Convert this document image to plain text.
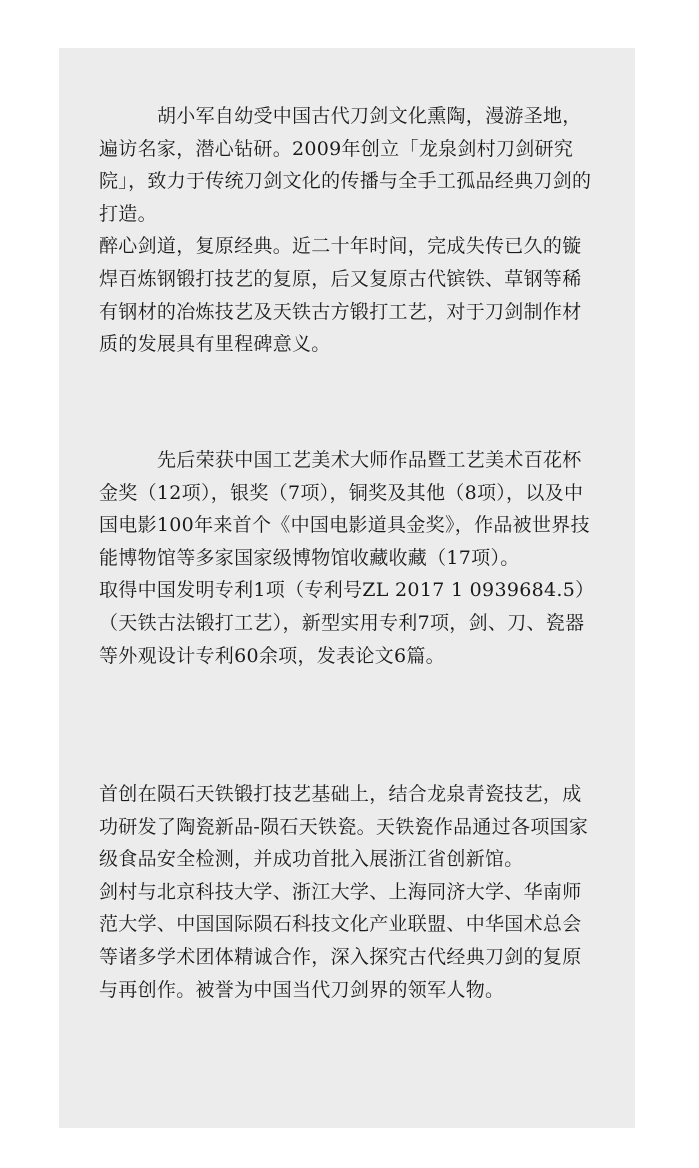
胡小军自幼受中国古代刀剑文化熏陶，漫游圣地，遍访名家，潜心钻研。2009年创立「龙泉剑村刀剑研究院」，致力于传统刀剑文化的传播与全手工孤品经典刀剑的打造。

醉心剑道，复原经典。近二十年时间，完成失传已久的镟焊百炼钢锻打技艺的复原，后又复原古代镔铁、草钢等稀有钢材的冶炼技艺及天铁古方锻打工艺，对于刀剑制作材质的发展具有里程碑意义。

先后荣获中国工艺美术大师作品暨工艺美术百花杯金奖（12项），银奖（7项），铜奖及其他（8项），以及中国电影100年来首个《中国电影道具金奖》，作品被世界技能博物馆等多家国家级博物馆收藏收藏（17项）。

取得中国发明专利1项（专利号ZL 2017 1 0939684.5）（天铁古法锻打工艺），新型实用专利7项，剑、刀、瓷器等外观设计专利60余项，发表论文6篇。

首创在陨石天铁锻打技艺基础上，结合龙泉青瓷技艺，成功研发了陶瓷新品-陨石天铁瓷。天铁瓷作品通过各项国家级食品安全检测，并成功首批入展浙江省创新馆。

剑村与北京科技大学、浙江大学、上海同济大学、华南师范大学、中国国际陨石科技文化产业联盟、中华国术总会等诸多学术团体精诚合作，深入探究古代经典刀剑的复原与再创作。被誉为中国当代刀剑界的领军人物。
